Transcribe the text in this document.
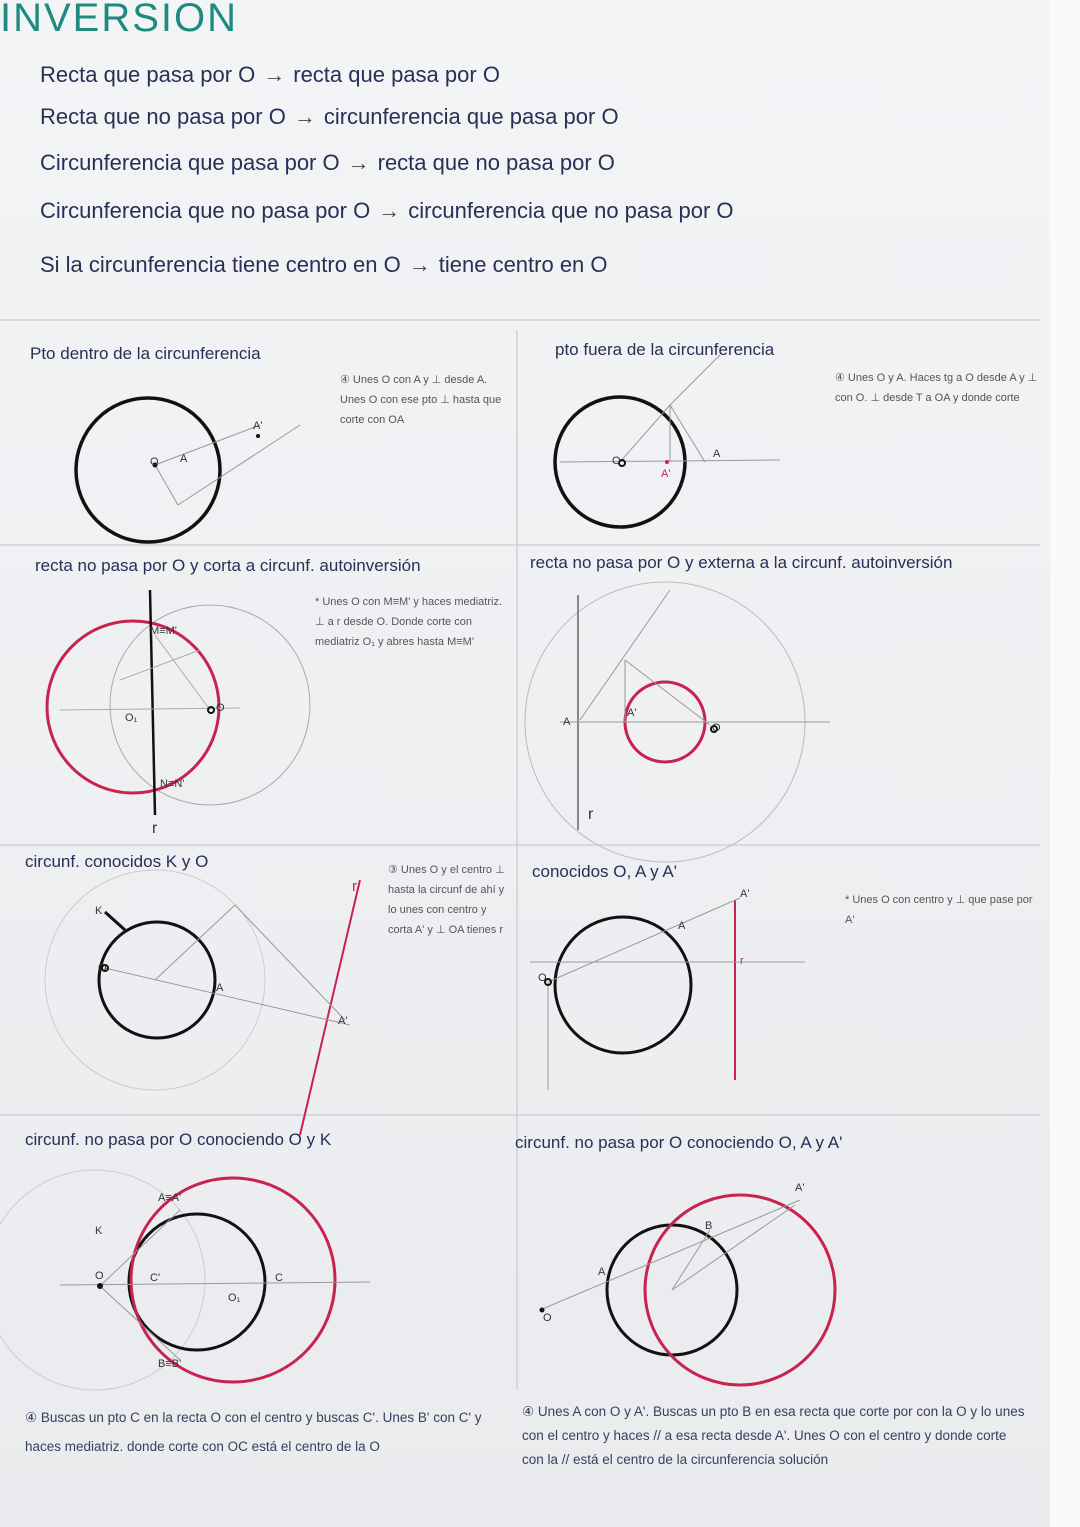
INVERSION
Recta que pasa por O → recta que pasa por O
Recta que no pasa por O → circunferencia que pasa por O
Circunferencia que pasa por O → recta que no pasa por O
Circunferencia que no pasa por O → circunferencia que no pasa por O
Si la circunferencia tiene centro en O → tiene centro en O
Pto dentro de la circunferencia	pto fuera de la circunferencia
recta no pasa por O y corta a circunf. autoinversión	recta no pasa por O y externa a la circunf. autoinversión
circunf. conocidos K y O
conocidos O, A y A'
circunf. no pasa por O conociendo O y K	circunf. no pasa por O conociendo O, A y A'
④ Unes O con A y ⊥ desde A. Unes O con ese pto ⊥ hasta que corte con OA
④ Unes O y A. Haces tg a O desde A y ⊥ con O. ⊥ desde T a OA y donde corte
* Unes O con M≡M' y haces mediatriz. ⊥ a r desde O. Donde corte con mediatriz O₁ y abres hasta M≡M'
③ Unes O y el centro ⊥ hasta la circunf de ahí y lo unes con centro y corta A' y ⊥ OA tienes r
* Unes O con centro y ⊥ que pase por A'
O A
A'
O
A'
A
M≡M'
N≡N'
O₁
O
r
A
A'
O
r
K
O
A
A'
r
O
A
A'
r
K
A≡A'
O	C'	C
O₁
B≡B'
A'
B
A
O
④ Buscas un pto C en la recta O con el centro y buscas C'. Unes B' con C' y haces mediatriz. donde corte con OC está el centro de la O
④ Unes A con O y A'. Buscas un pto B en esa recta que corte por con la O y lo unes con el centro y haces // a esa recta desde A'. Unes O con el centro y donde corte con la // está el centro de la circunferencia solución
